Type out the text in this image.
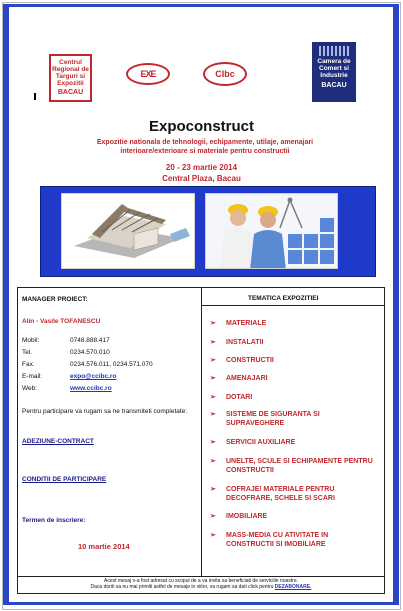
Centrul Regional de Targuri si Expozitii
BACAU
EXE	CIbc
Camera de Comert si Industrie
BACAU
Expoconstruct
Expozitie nationala de tehnologii, echipamente, utilaje, amenajari interioare/exterioare si materiale pentru constructii
20 - 23 martie 2014
Central Plaza, Bacau
MANAGER PROIECT:
Alin - Vasile TOFANESCU
Mobil:	0748.888.417
Tel.	0234.570.010
Fax.	0234.576.011, 0234.571.070
E-mail:	expo@ccibc.ro
Web:	www.ccibc.ro
Pentru participare va rugam sa ne transmiteti completate:
ADEZIUNE-CONTRACT
CONDITII DE PARTICIPARE
Termen de inscriere:
10 martie 2014
TEMATICA EXPOZITIEI
➢ MATERIALE
➢ INSTALATII
➢ CONSTRUCTII
➢ AMENAJARI
➢ DOTARI
➢ SISTEME DE SIGURANTA SI SUPRAVEGHERE
➢ SERVICII AUXILIARE
➢ UNELTE, SCULE SI ECHIPAMENTE PENTRU CONSTRUCTII
➢ COFRAJE/ MATERIALE PENTRU DECOFRARE, SCHELE SI SCARI
➢ IMOBILIARE
➢ MASS-MEDIA CU ATIVITATE IN CONSTRUCTII SI IMOBILIARE
Acest mesaj v-a fost adresat cu scopul de a va invita sa beneficiati de serviciile noastre.
Daca doriti sa nu mai primiti astfel de mesaje in viitor, va rugam sa dati click pentru DEZABONARE.
